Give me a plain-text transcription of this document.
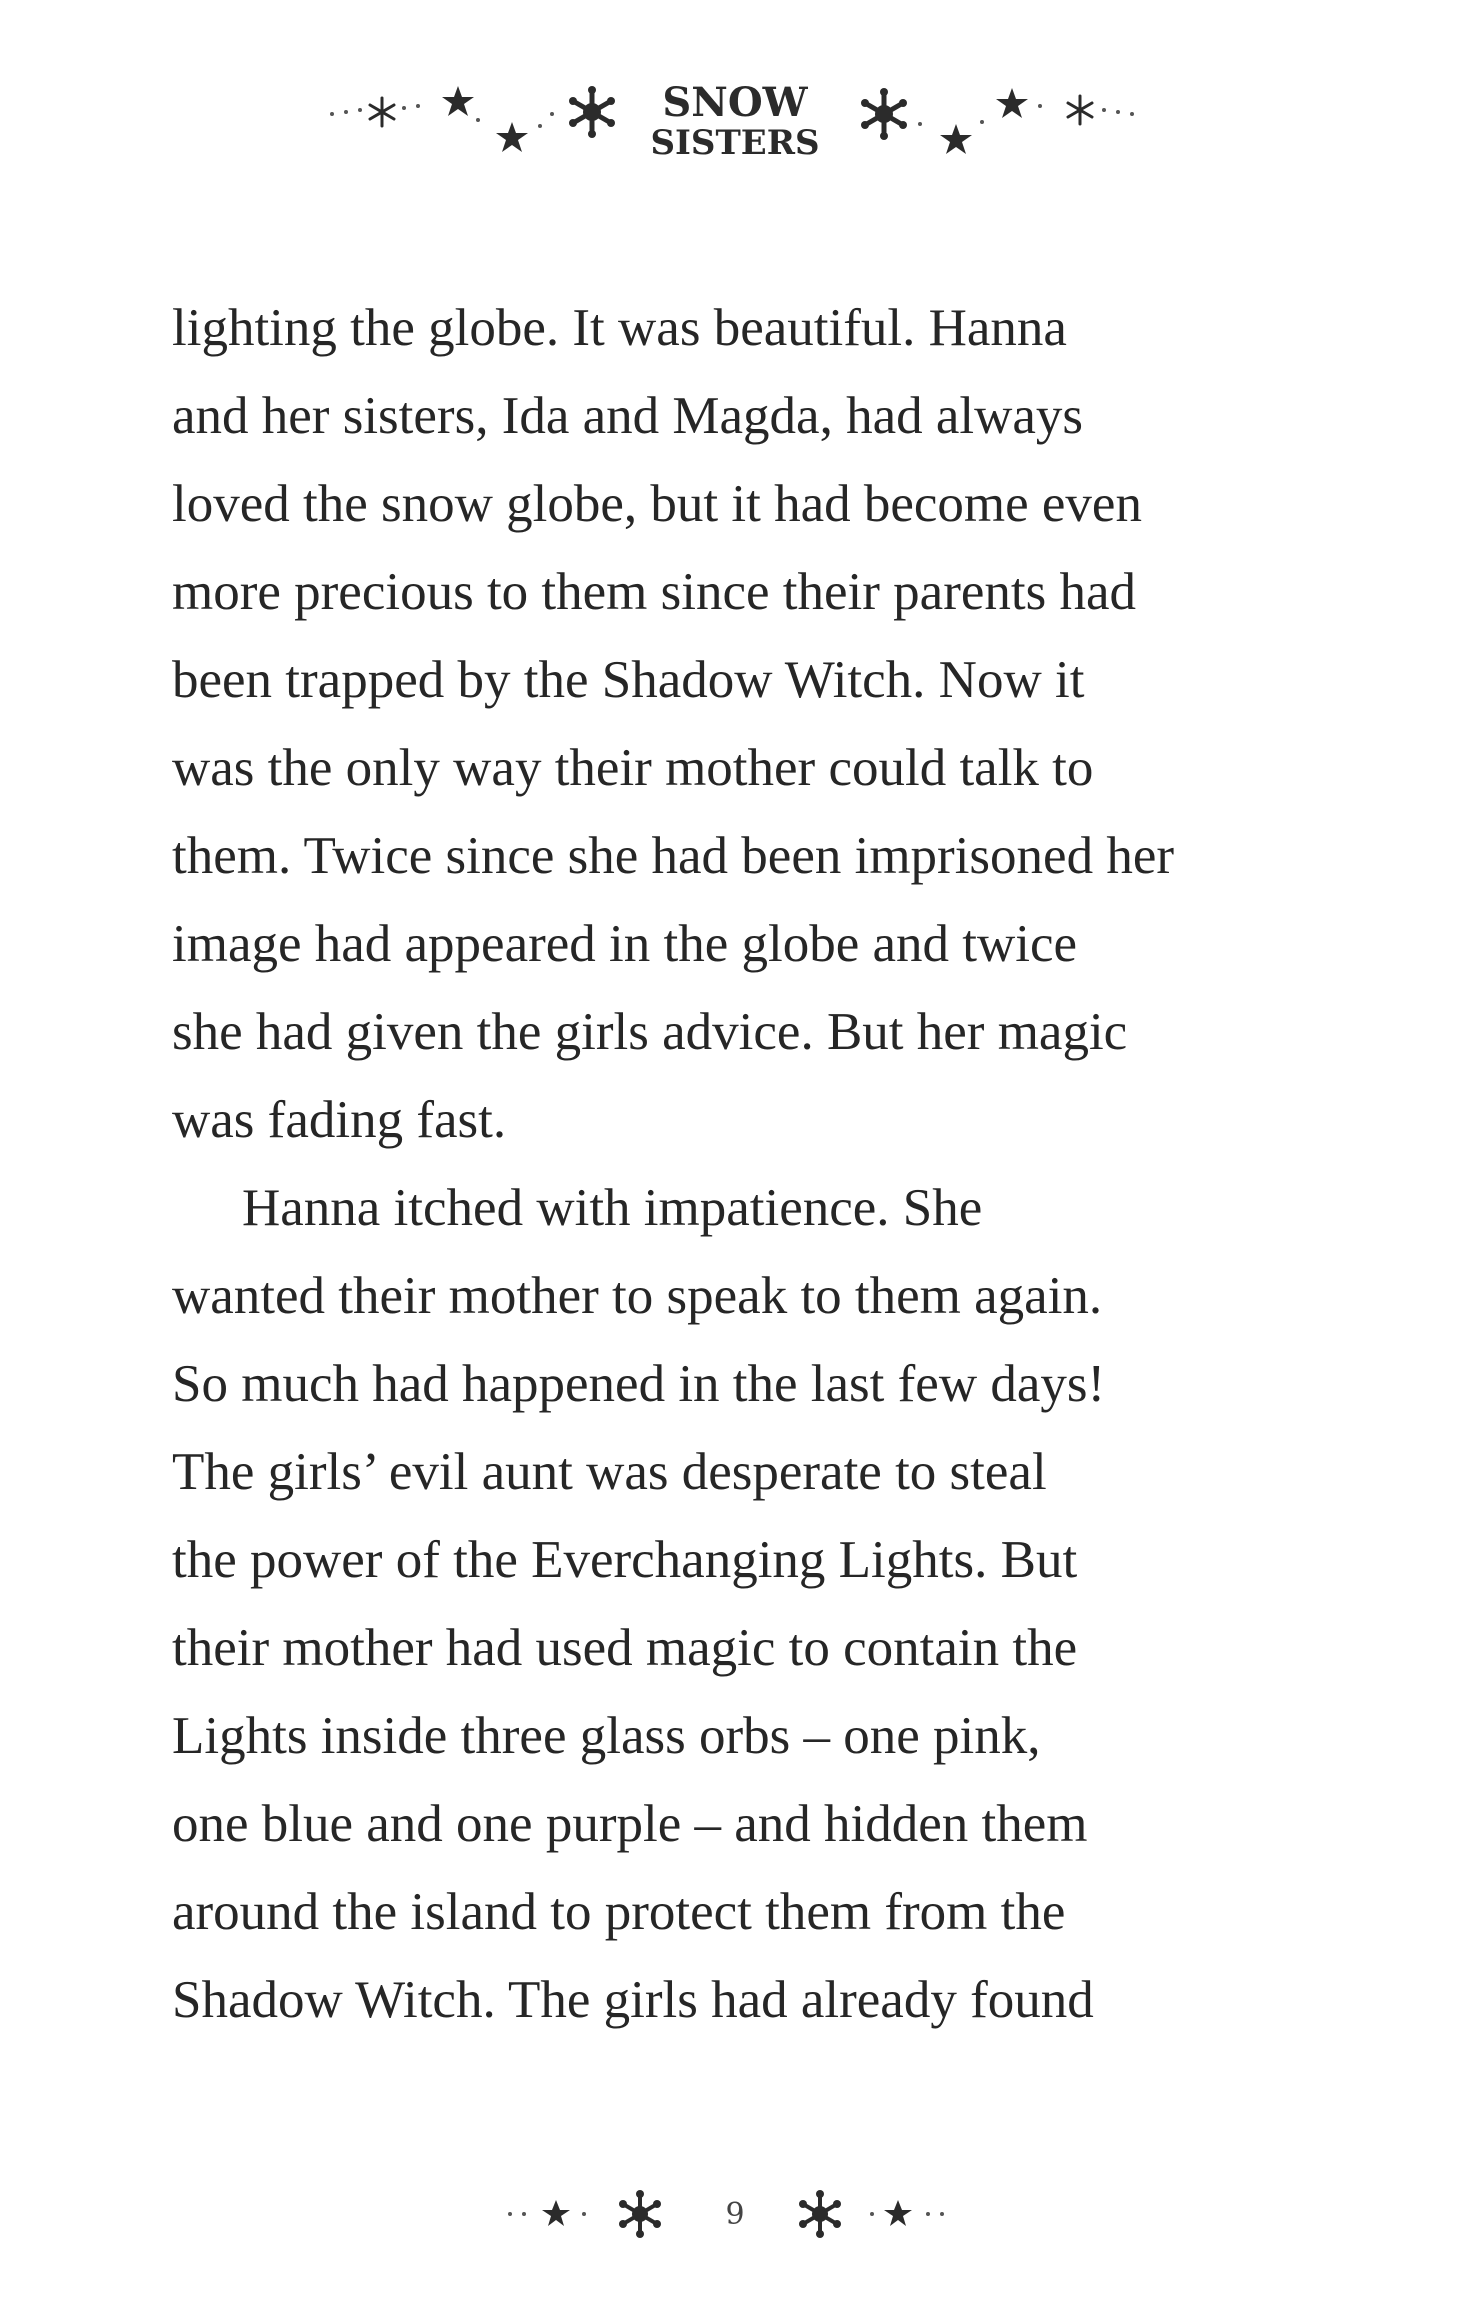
SNOW
SISTERS

lighting the globe. It was beautiful. Hanna
and her sisters, Ida and Magda, had always
loved the snow globe, but it had become even
more precious to them since their parents had
been trapped by the Shadow Witch. Now it
was the only way their mother could talk to
them. Twice since she had been imprisoned her
image had appeared in the globe and twice
she had given the girls advice. But her magic
was fading fast.

Hanna itched with impatience. She
wanted their mother to speak to them again.
So much had happened in the last few days!
The girls’ evil aunt was desperate to steal
the power of the Everchanging Lights. But
their mother had used magic to contain the
Lights inside three glass orbs – one pink,
one blue and one purple – and hidden them
around the island to protect them from the
Shadow Witch. The girls had already found

9
